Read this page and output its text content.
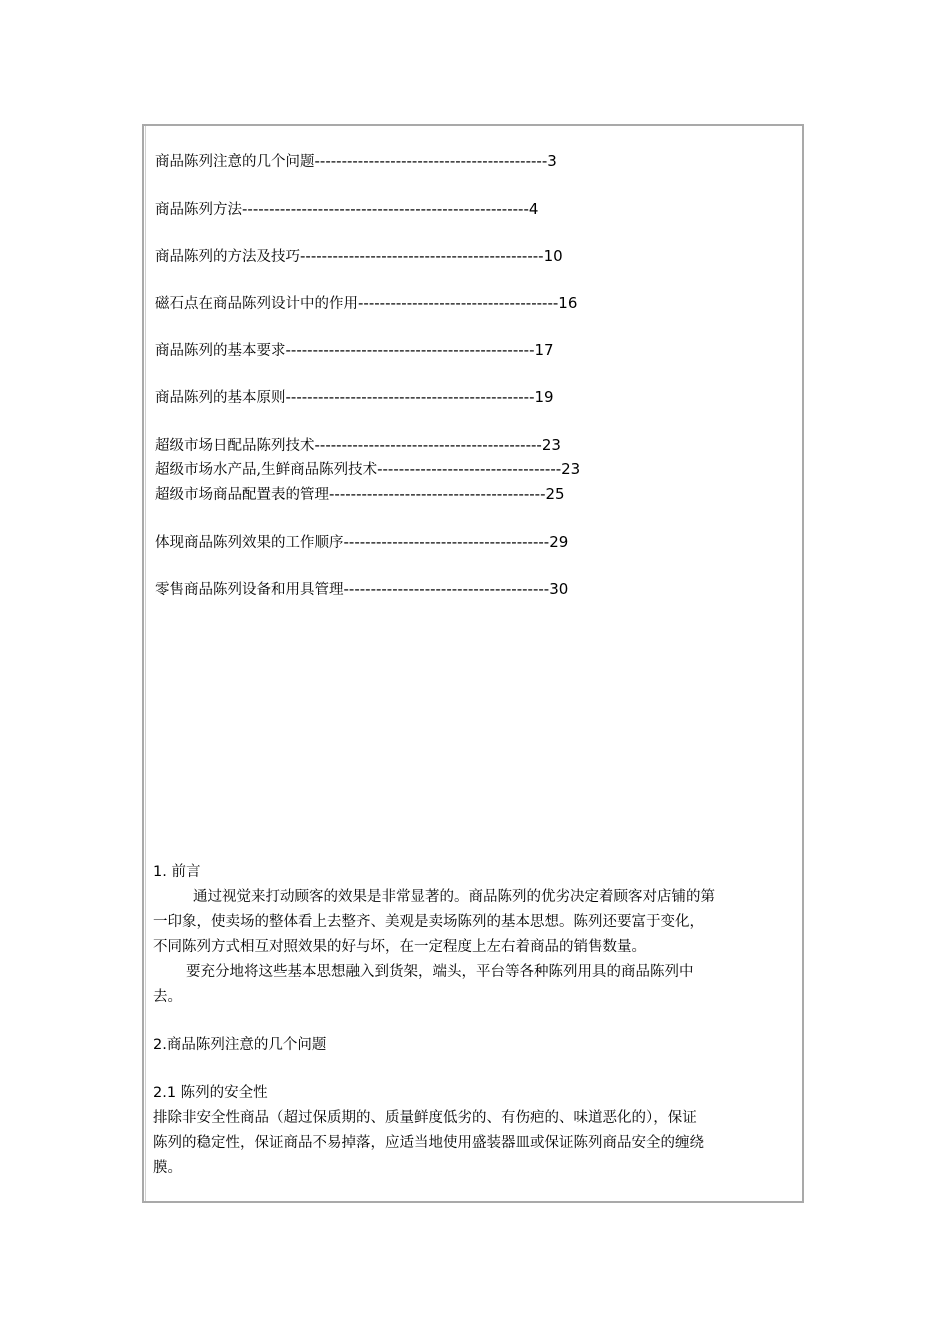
商品陈列注意的几个问题-------------------------------------------3
商品陈列方法-----------------------------------------------------4
商品陈列的方法及技巧---------------------------------------------10
磁石点在商品陈列设计中的作用-------------------------------------16
商品陈列的基本要求----------------------------------------------17
商品陈列的基本原则----------------------------------------------19
超级市场日配品陈列技术------------------------------------------23
超级市场水产品,生鲜商品陈列技术----------------------------------23
超级市场商品配置表的管理----------------------------------------25
体现商品陈列效果的工作顺序--------------------------------------29
零售商品陈列设备和用具管理--------------------------------------30
1. 前言
通过视觉来打动顾客的效果是非常显著的。商品陈列的优劣决定着顾客对店铺的第
一印象，使卖场的整体看上去整齐、美观是卖场陈列的基本思想。陈列还要富于变化，
不同陈列方式相互对照效果的好与坏，在一定程度上左右着商品的销售数量。
要充分地将这些基本思想融入到货架，端头，平台等各种陈列用具的商品陈列中
去。
2.商品陈列注意的几个问题
2.1 陈列的安全性
排除非安全性商品（超过保质期的、质量鲜度低劣的、有伤疤的、味道恶化的），保证
陈列的稳定性，保证商品不易掉落，应适当地使用盛装器皿或保证陈列商品安全的缠绕
膜。
